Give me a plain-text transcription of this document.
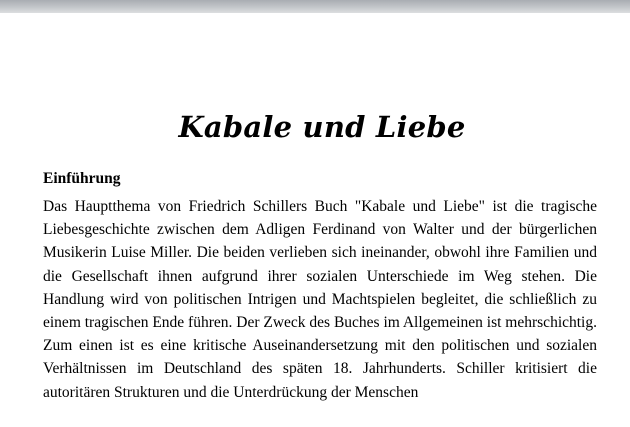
Kabale und Liebe

Einführung

Das Hauptthema von Friedrich Schillers Buch "Kabale und Liebe" ist die tragische Liebesgeschichte zwischen dem Adligen Ferdinand von Walter und der bürgerlichen Musikerin Luise Miller. Die beiden verlieben sich ineinander, obwohl ihre Familien und die Gesellschaft ihnen aufgrund ihrer sozialen Unterschiede im Weg stehen. Die Handlung wird von politischen Intrigen und Machtspielen begleitet, die schließlich zu einem tragischen Ende führen. Der Zweck des Buches im Allgemeinen ist mehrschichtig. Zum einen ist es eine kritische Auseinandersetzung mit den politischen und sozialen Verhältnissen im Deutschland des späten 18. Jahrhunderts. Schiller kritisiert die autoritären Strukturen und die Unterdrückung der Menschen
